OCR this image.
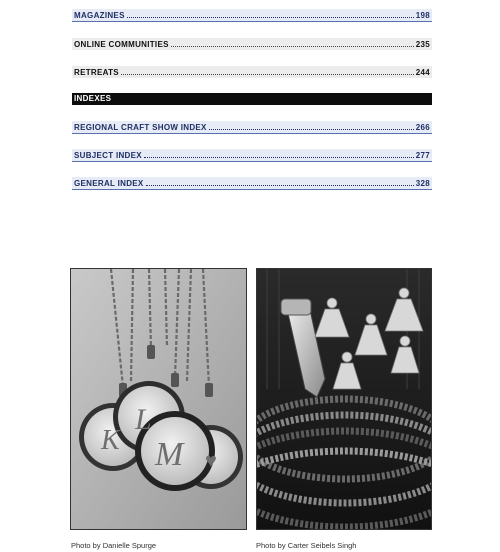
MAGAZINES	198
ONLINE COMMUNITIES	235
RETREATS	244
INDEXES
REGIONAL CRAFT SHOW INDEX	266
SUBJECT INDEX	277
GENERAL INDEX	328
K
L
M ♥
Photo by Danielle Spurge	Photo by Carter Seibels Singh
